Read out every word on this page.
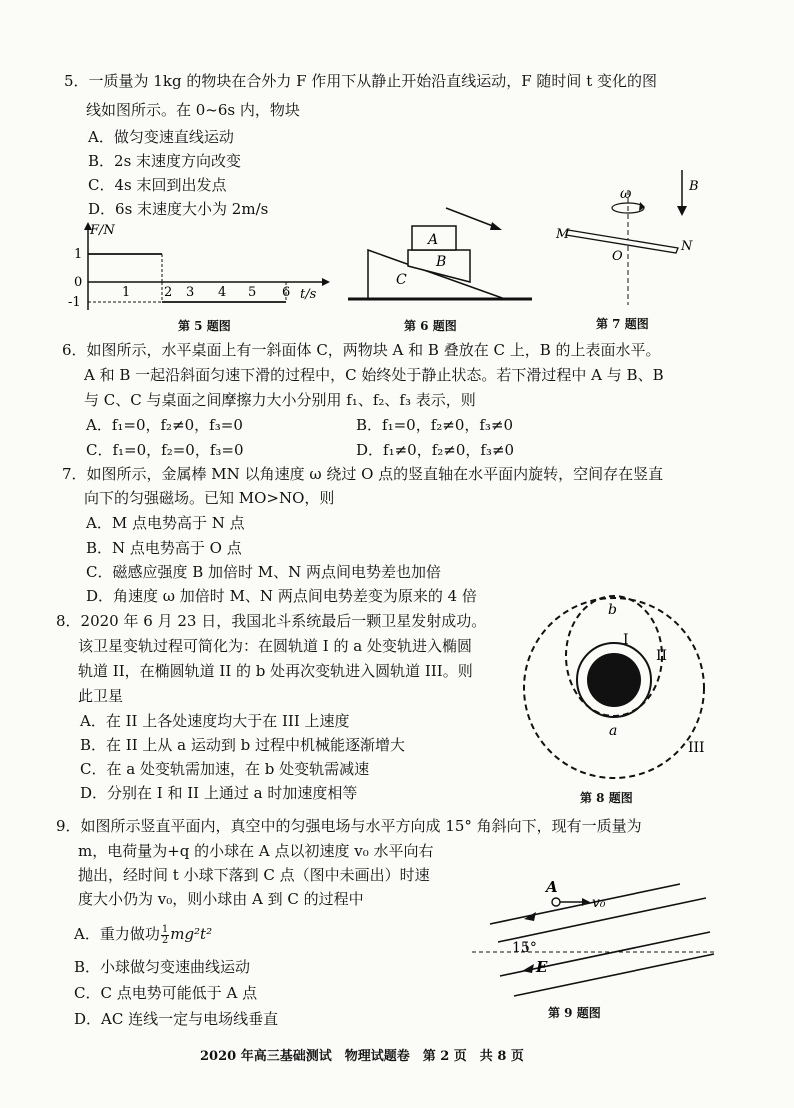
5．一质量为 1kg 的物块在合外力 F 作用下从静止开始沿直线运动，F 随时间 t 变化的图
线如图所示。在 0~6s 内，物块
A．做匀变速直线运动
B．2s 末速度方向改变
C．4s 末回到出发点
D．6s 末速度大小为 2m/s
F/N
t/s
1
0
-1
1	2 3 4 5 6
第 5 题图
A
B
C
第 6 题图
ω	B
M
O
N
第 7 题图
6．如图所示，水平桌面上有一斜面体 C，两物块 A 和 B 叠放在 C 上，B 的上表面水平。
A 和 B 一起沿斜面匀速下滑的过程中，C 始终处于静止状态。若下滑过程中 A 与 B、B
与 C、C 与桌面之间摩擦力大小分别用 f₁、f₂、f₃ 表示，则
A．f₁=0，f₂≠0，f₃=0	B．f₁=0，f₂≠0，f₃≠0
C．f₁=0，f₂=0，f₃=0	D．f₁≠0，f₂≠0，f₃≠0
7．如图所示，金属棒 MN 以角速度 ω 绕过 O 点的竖直轴在水平面内旋转，空间存在竖直
向下的匀强磁场。已知 MO>NO，则
A．M 点电势高于 N 点
B．N 点电势高于 O 点
C．磁感应强度 B 加倍时 M、N 两点间电势差也加倍
D．角速度 ω 加倍时 M、N 两点间电势差变为原来的 4 倍
8．2020 年 6 月 23 日，我国北斗系统最后一颗卫星发射成功。
该卫星变轨过程可简化为：在圆轨道 I 的 a 处变轨进入椭圆
轨道 II，在椭圆轨道 II 的 b 处再次变轨进入圆轨道 III。则
此卫星
A．在 II 上各处速度均大于在 III 上速度
B．在 II 上从 a 运动到 b 过程中机械能逐渐增大
C．在 a 处变轨需加速，在 b 处变轨需减速
D．分别在 I 和 II 上通过 a 时加速度相等
b
I
II
a
III
第 8 题图
9．如图所示竖直平面内，真空中的匀强电场与水平方向成 15° 角斜向下，现有一质量为
m，电荷量为+q 的小球在 A 点以初速度 v₀ 水平向右
抛出，经时间 t 小球下落到 C 点（图中未画出）时速
度大小仍为 v₀，则小球由 A 到 C 的过程中
A．重力做功 $\frac{1}{2} mg^2t^2$
B．小球做匀变速曲线运动
C．C 点电势可能低于 A 点
D．AC 连线一定与电场线垂直
A
v₀
15°
E
第 9 题图
2020 年高三基础测试　物理试题卷　第 2 页　共 8 页
